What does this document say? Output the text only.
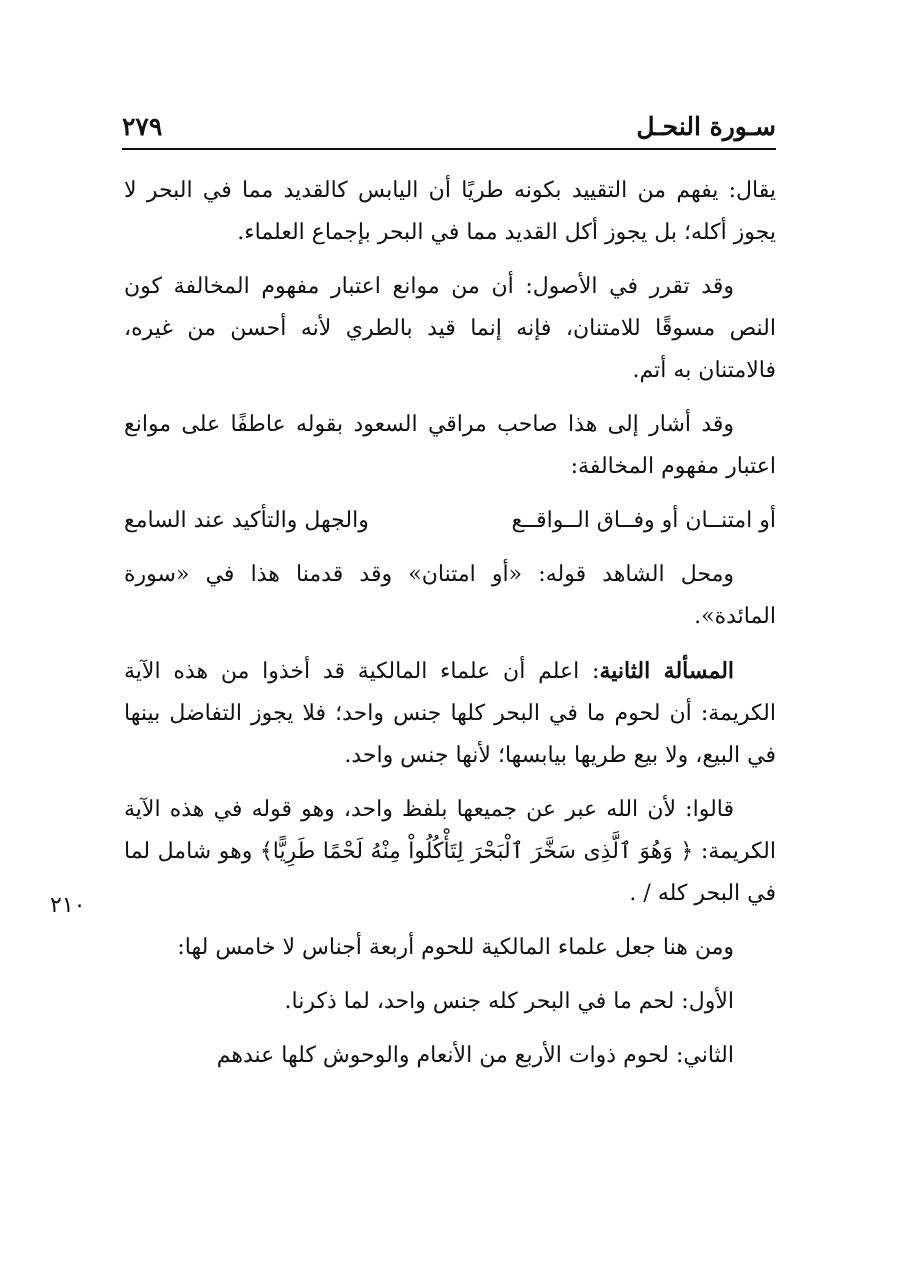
سـورة النحـل
٢٧٩
٢١٠

يقال: يفهم من التقييد بكونه طريًا أن اليابس كالقديد مما في البحر لا يجوز أكله؛ بل يجوز أكل القديد مما في البحر بإجماع العلماء.

وقد تقرر في الأصول: أن من موانع اعتبار مفهوم المخالفة كون النص مسوقًا للامتنان، فإنه إنما قيد بالطري لأنه أحسن من غيره، فالامتنان به أتم.

وقد أشار إلى هذا صاحب مراقي السعود بقوله عاطفًا على موانع اعتبار مفهوم المخالفة:

أو امتنــان أو وفــاق الــواقــع
والجهل والتأكيد عند السامع

ومحل الشاهد قوله: «أو امتنان» وقد قدمنا هذا في «سورة المائدة».

المسألة الثانية: اعلم أن علماء المالكية قد أخذوا من هذه الآية الكريمة: أن لحوم ما في البحر كلها جنس واحد؛ فلا يجوز التفاضل بينها في البيع، ولا بيع طريها بيابسها؛ لأنها جنس واحد.

قالوا: لأن الله عبر عن جميعها بلفظ واحد، وهو قوله في هذه الآية الكريمة: ﴿ وَهُوَ ٱلَّذِى سَخَّرَ ٱلْبَحْرَ لِتَأْكُلُواْ مِنْهُ لَحْمًا طَرِيًّا﴾ وهو شامل لما في البحر كله / .

ومن هنا جعل علماء المالكية للحوم أربعة أجناس لا خامس لها:

الأول: لحم ما في البحر كله جنس واحد، لما ذكرنا.

الثاني: لحوم ذوات الأربع من الأنعام والوحوش كلها عندهم
